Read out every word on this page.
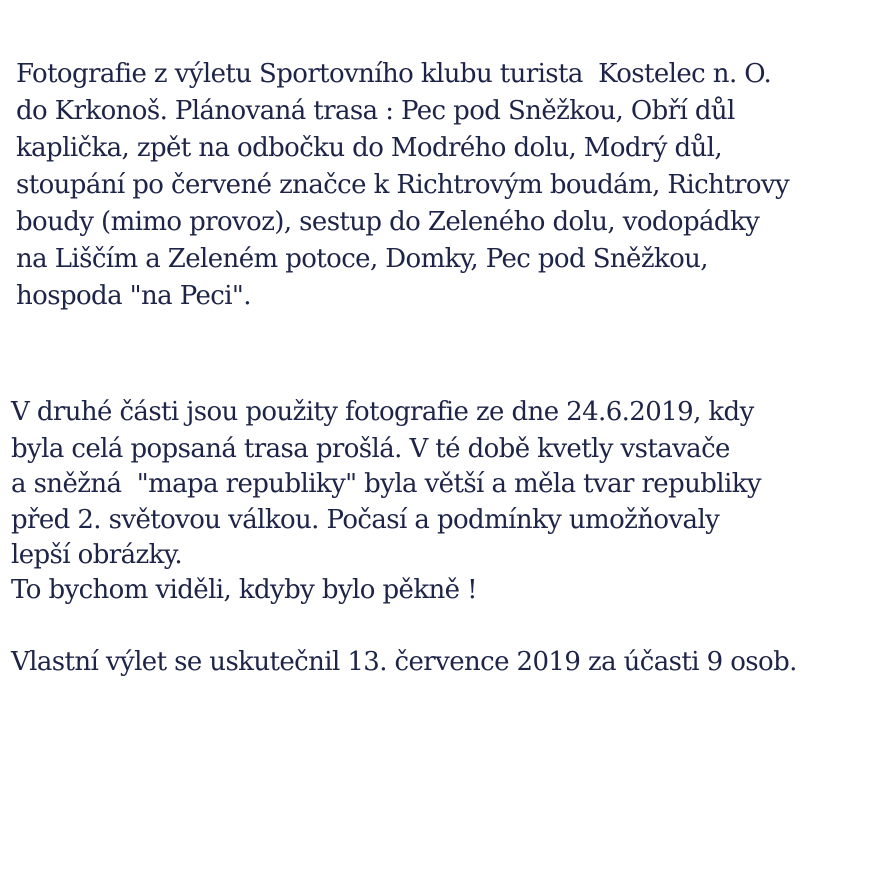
Fotografie z výletu Sportovního klubu turista  Kostelec n. O.

do Krkonoš. Plánovaná trasa : Pec pod Sněžkou, Obří důl

kaplička, zpět na odbočku do Modrého dolu, Modrý důl,

stoupání po červené značce k Richtrovým boudám, Richtrovy

boudy (mimo provoz), sestup do Zeleného dolu, vodopádky

na Liščím a Zeleném potoce, Domky, Pec pod Sněžkou,

hospoda "na Peci".

V druhé části jsou použity fotografie ze dne 24.6.2019, kdy

byla celá popsaná trasa prošlá. V té době kvetly vstavače

a sněžná  "mapa republiky" byla větší a měla tvar republiky

před 2. světovou válkou. Počasí a podmínky umožňovaly

lepší obrázky.

To bychom viděli, kdyby bylo pěkně !

Vlastní výlet se uskutečnil 13. července 2019 za účasti 9 osob.
